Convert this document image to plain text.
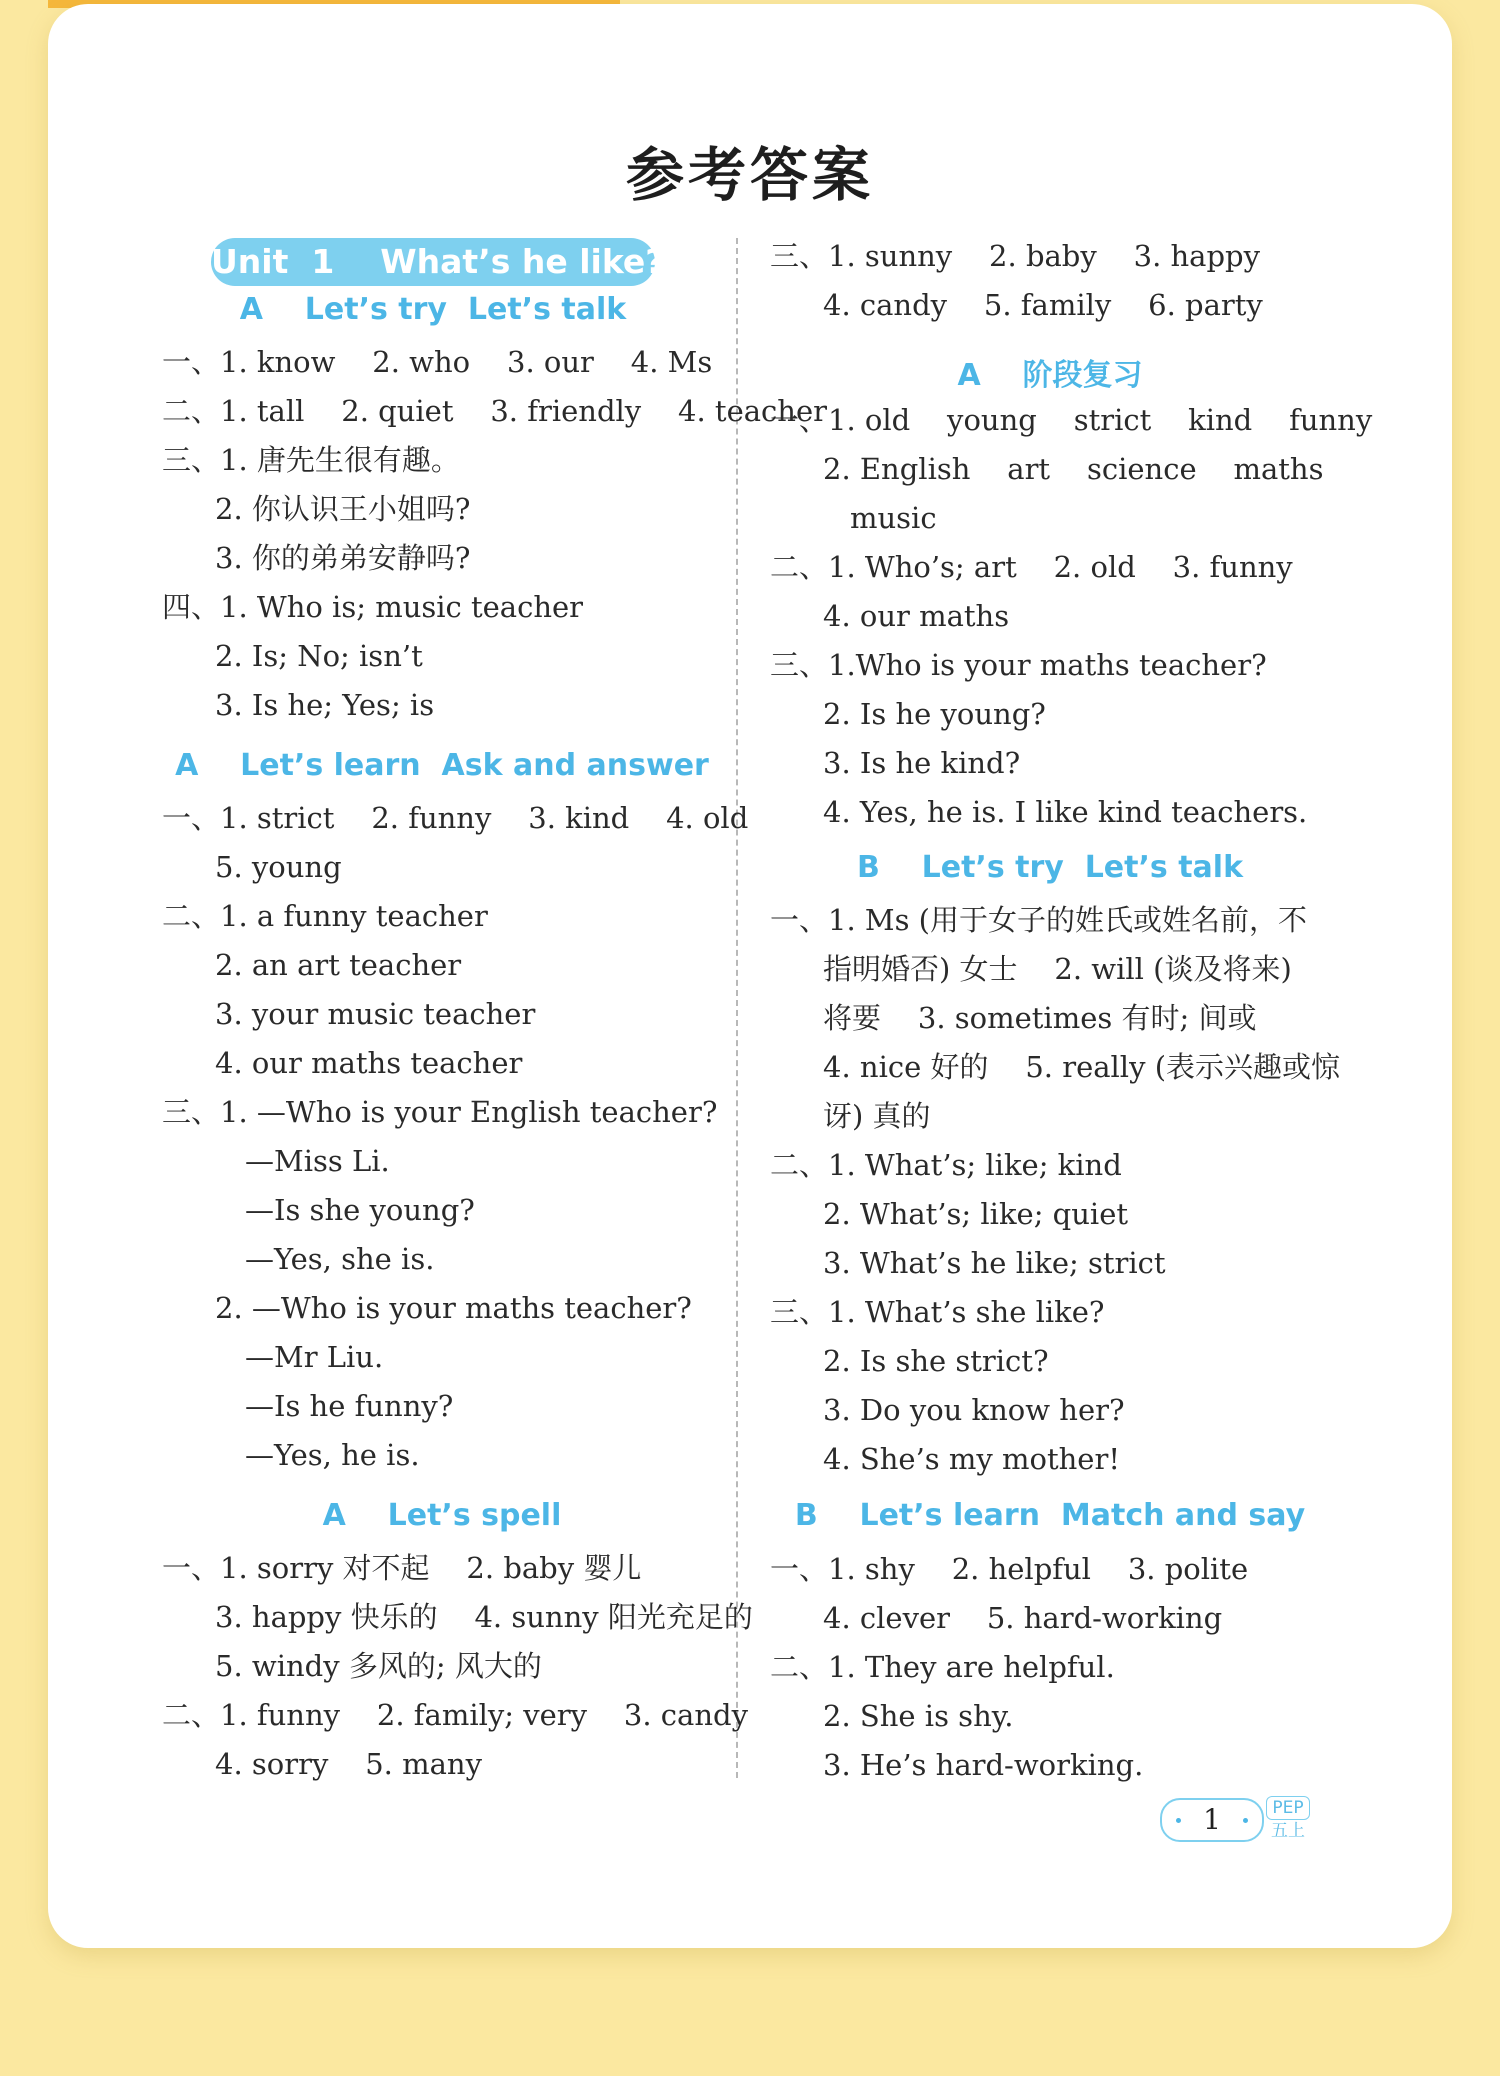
参考答案
Unit  1    What’s he like?
A    Let’s try  Let’s talk
一、1. know    2. who    3. our    4. Ms
二、1. tall    2. quiet    3. friendly    4. teacher
三、1. 唐先生很有趣。
2. 你认识王小姐吗?
3. 你的弟弟安静吗?
四、1. Who is; music teacher
2. Is; No; isn’t
3. Is he; Yes; is
一、1. strict    2. funny    3. kind    4. old
5. young
二、1. a funny teacher
2. an art teacher
3. your music teacher
4. our maths teacher
三、1. —Who is your English teacher?
—Miss Li.
—Is she young?
—Yes, she is.
2. —Who is your maths teacher?
—Mr Liu.
—Is he funny?
—Yes, he is.
一、1. sorry 对不起    2. baby 婴儿
3. happy 快乐的    4. sunny 阳光充足的
5. windy 多风的; 风大的
二、1. funny    2. family; very    3. candy
4. sorry    5. many
A    Let’s learn  Ask and answer
A    Let’s spell
三、1. sunny    2. baby    3. happy
4. candy    5. family    6. party
一、1. old    young    strict    kind    funny
2. English    art    science    maths
music
二、1. Who’s; art    2. old    3. funny
4. our maths
三、1.Who is your maths teacher?
2. Is he young?
3. Is he kind?
4. Yes, he is. I like kind teachers.
一、1. Ms (用于女子的姓氏或姓名前，不
指明婚否) 女士    2. will (谈及将来)
将要    3. sometimes 有时; 间或
4. nice 好的    5. really (表示兴趣或惊
讶) 真的
二、1. What’s; like; kind
2. What’s; like; quiet
3. What’s he like; strict
三、1. What’s she like?
2. Is she strict?
3. Do you know her?
4. She’s my mother!
一、1. shy    2. helpful    3. polite
4. clever    5. hard-working
二、1. They are helpful.
2. She is shy.
3. He’s hard-working.
A    阶段复习
B    Let’s try  Let’s talk
B    Let’s learn  Match and say
1	PEP
五上
